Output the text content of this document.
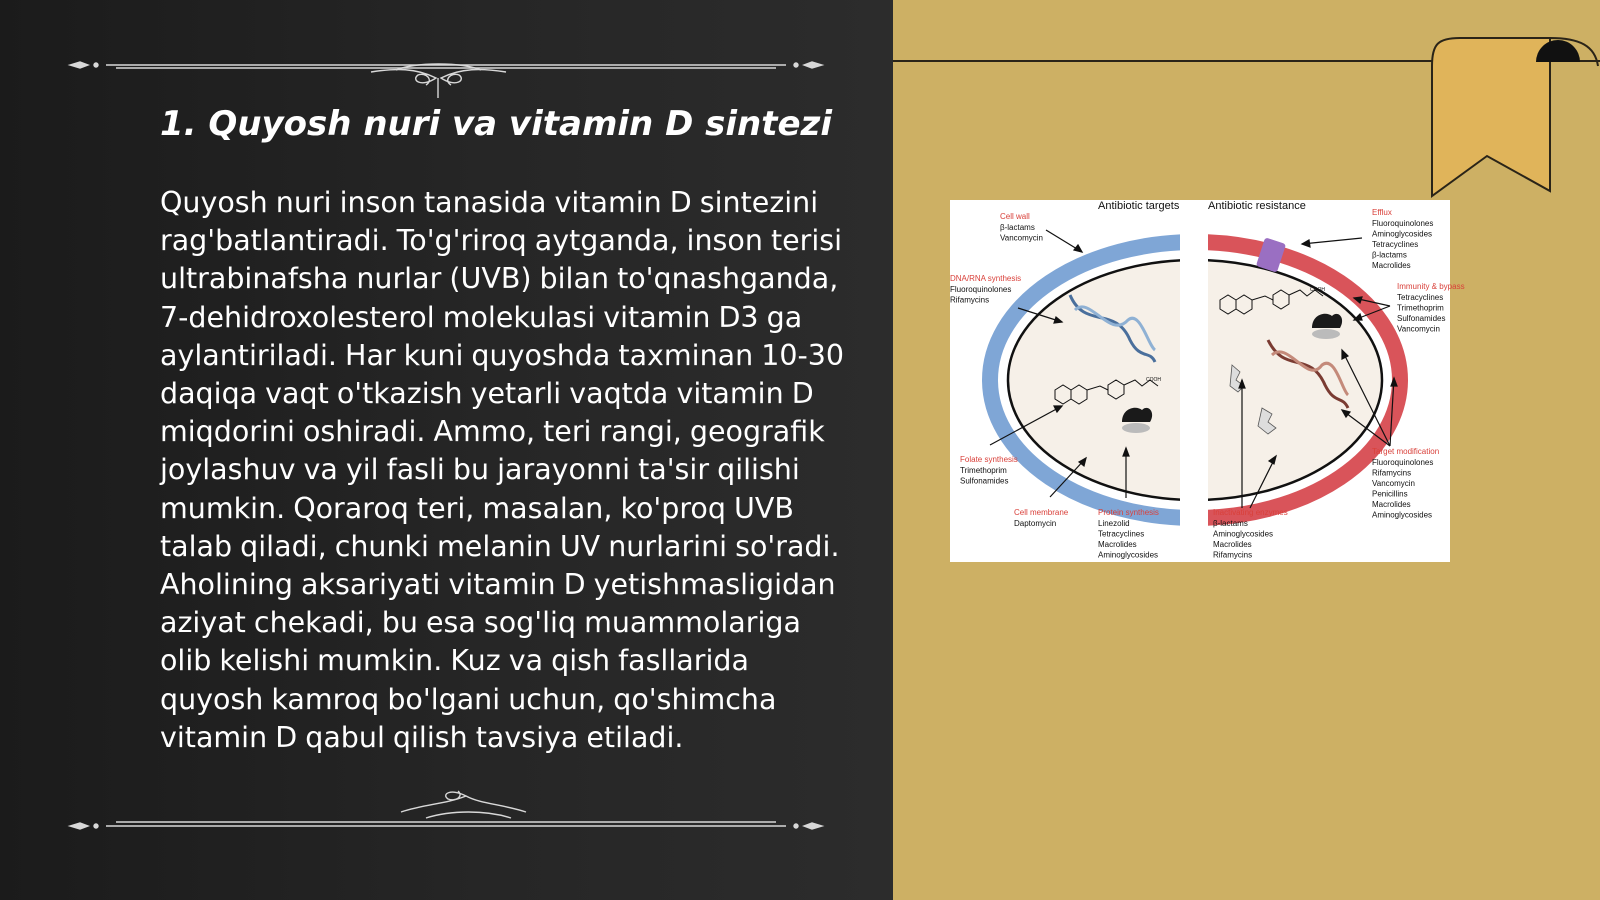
1. Quyosh nuri va vitamin D sintezi

Quyosh nuri inson tanasida vitamin D sintezini rag'batlantiradi. To'g'riroq aytganda, inson terisi ultrabinafsha nurlar (UVB) bilan to'qnashganda, 7-dehidroxolesterol molekulasi vitamin D3 ga aylantiriladi. Har kuni quyoshda taxminan 10-30 daqiqa vaqt o'tkazish yetarli vaqtda vitamin D miqdorini oshiradi. Ammo, teri rangi, geografik joylashuv va yil fasli bu jarayonni ta'sir qilishi mumkin. Qoraroq teri, masalan, ko'proq UVB talab qiladi, chunki melanin UV nurlarini so'radi. Aholining aksariyati vitamin D yetishmasligidan aziyat chekadi, bu esa sog'liq muammolariga olib kelishi mumkin. Kuz va qish fasllarida quyosh kamroq bo'lgani uchun, qo'shimcha vitamin D qabul qilish tavsiya etiladi.

Antibiotic targets	Antibiotic resistance
COOH
COOH
Cell wall
β-lactams
Vancomycin
DNA/RNA synthesis
Fluoroquinolones
Rifamycins
Folate synthesis
Trimethoprim
Sulfonamides
Cell membrane
Daptomycin
Protein synthesis
Linezolid
Tetracyclines
Macrolides
Aminoglycosides
Efflux
Fluoroquinolones
Aminoglycosides
Tetracyclines
β-lactams
Macrolides
Immunity & bypass
Tetracyclines
Trimethoprim
Sulfonamides
Vancomycin
Target modification
Fluoroquinolones
Rifamycins
Vancomycin
Penicillins
Macrolides
Aminoglycosides
Inactivating enzymes
β-lactams
Aminoglycosides
Macrolides
Rifamycins
